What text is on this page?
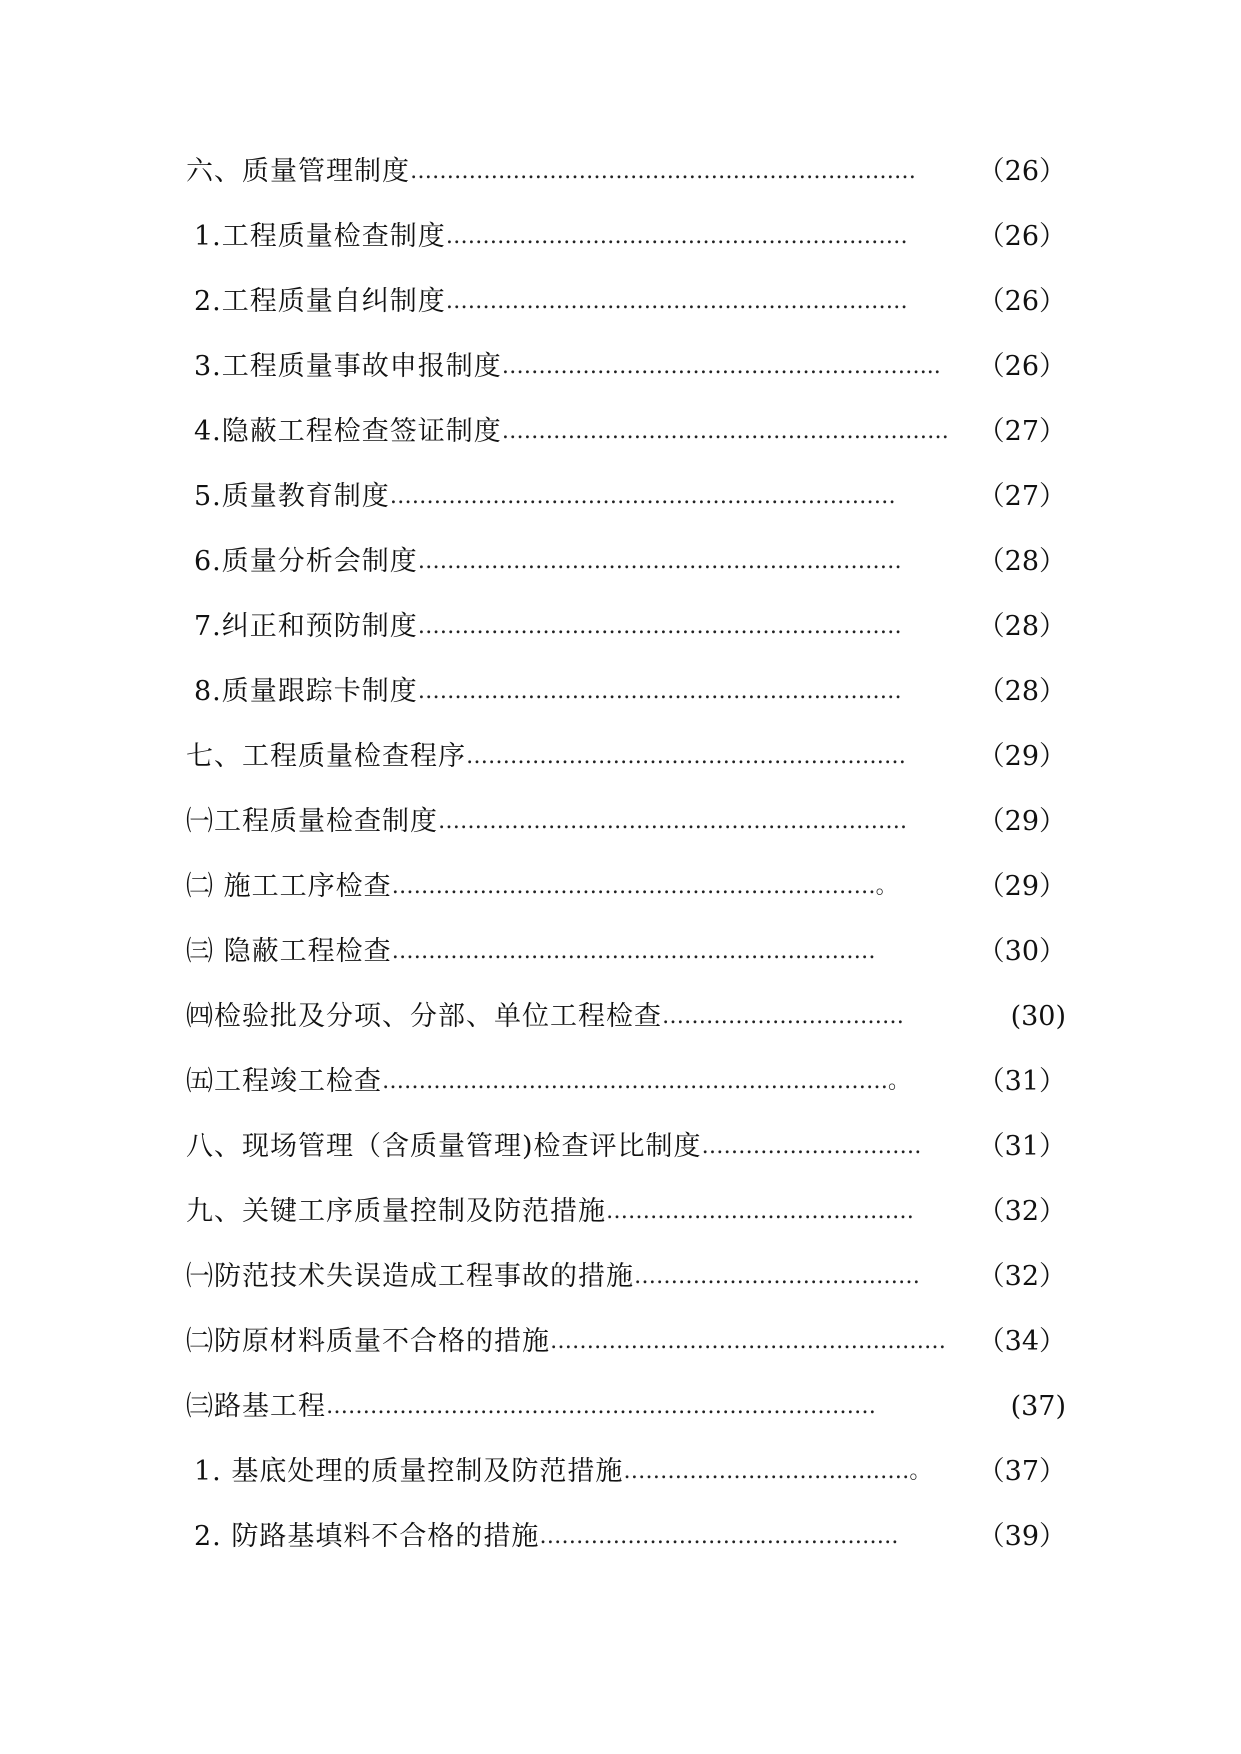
六、质量管理制度 ……………………………………………………………	（26）
1.工程质量检查制度 ………………………………………………………	（26）
2.工程质量自纠制度 ………………………………………………………	（26）
3.工程质量事故申报制度 …………………………………………………...	（26）
4.隐蔽工程检查签证制度 …………………………………………………….	（27）
5.质量教育制度 ……………………………………………………………	（27）
6.质量分析会制度 …………………………………………………………	（28）
7.纠正和预防制度 …………………………………………………………	（28）
8.质量跟踪卡制度 …………………………………………………………	（28）
七、工程质量检查程序 ……………………………………………………	（29）
㈠工程质量检查制度 ……………………………………………………….	（29）
㈡ 施工工序检查 …………………………………………………………。	（29）
㈢ 隐蔽工程检查 …………………………………………………………	（30）
㈣检验批及分项、分部、单位工程检查 ……………………………	(30)
㈤工程竣工检查 ……………………………………………………………。	（31）
八、现场管理（含质量管理)检查评比制度 …………………………	（31）
九、关键工序质量控制及防范措施 ……………………………………	（32）
㈠防范技术失误造成工程事故的措施 …………………………………	（32）
㈡防原材料质量不合格的措施 ………………………………………………	（34）
㈢路基工程 …………………………………………………………………	(37)
1. 基底处理的质量控制及防范措施 …………………………………。	（37）
2. 防路基填料不合格的措施 ………………………………………….	（39）
